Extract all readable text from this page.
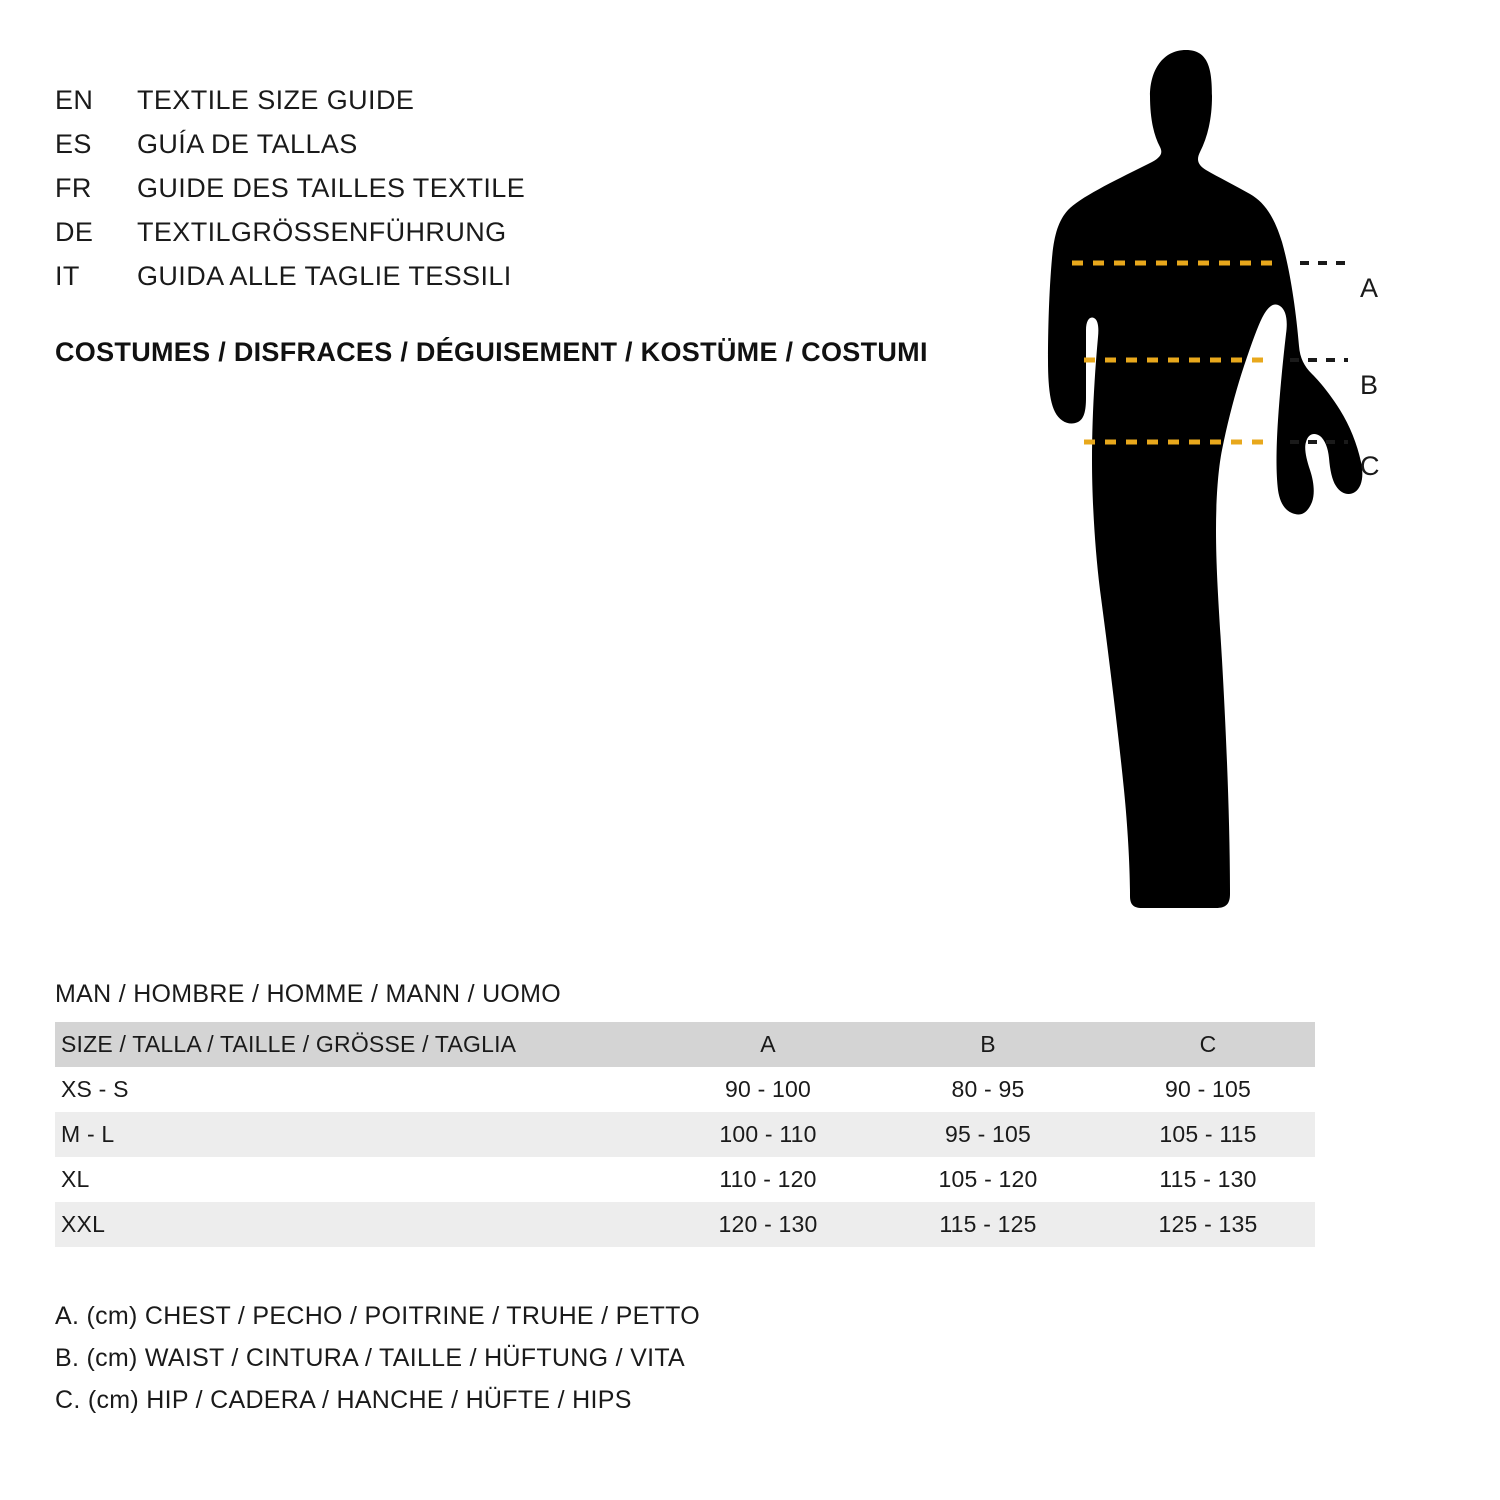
EN	TEXTILE SIZE GUIDE
ES	GUÍA DE TALLAS
FR	GUIDE DES TAILLES TEXTILE
DE	TEXTILGRÖSSENFÜHRUNG
IT	GUIDA ALLE TAGLIE TESSILI
COSTUMES / DISFRACES / DÉGUISEMENT / KOSTÜME / COSTUMI
A
B
C
MAN / HOMBRE / HOMME / MANN / UOMO
SIZE / TALLA / TAILLE / GRÖSSE / TAGLIA	A	B	C
XS - S	90 - 100	80 - 95	90 - 105
M - L	100 - 110	95 - 105	105 - 115
XL	110 - 120	105 - 120	115 - 130
XXL	120 - 130	115 - 125	125 - 135
A. (cm) CHEST / PECHO / POITRINE / TRUHE / PETTO
B. (cm) WAIST / CINTURA / TAILLE / HÜFTUNG / VITA
C. (cm) HIP / CADERA / HANCHE / HÜFTE / HIPS
